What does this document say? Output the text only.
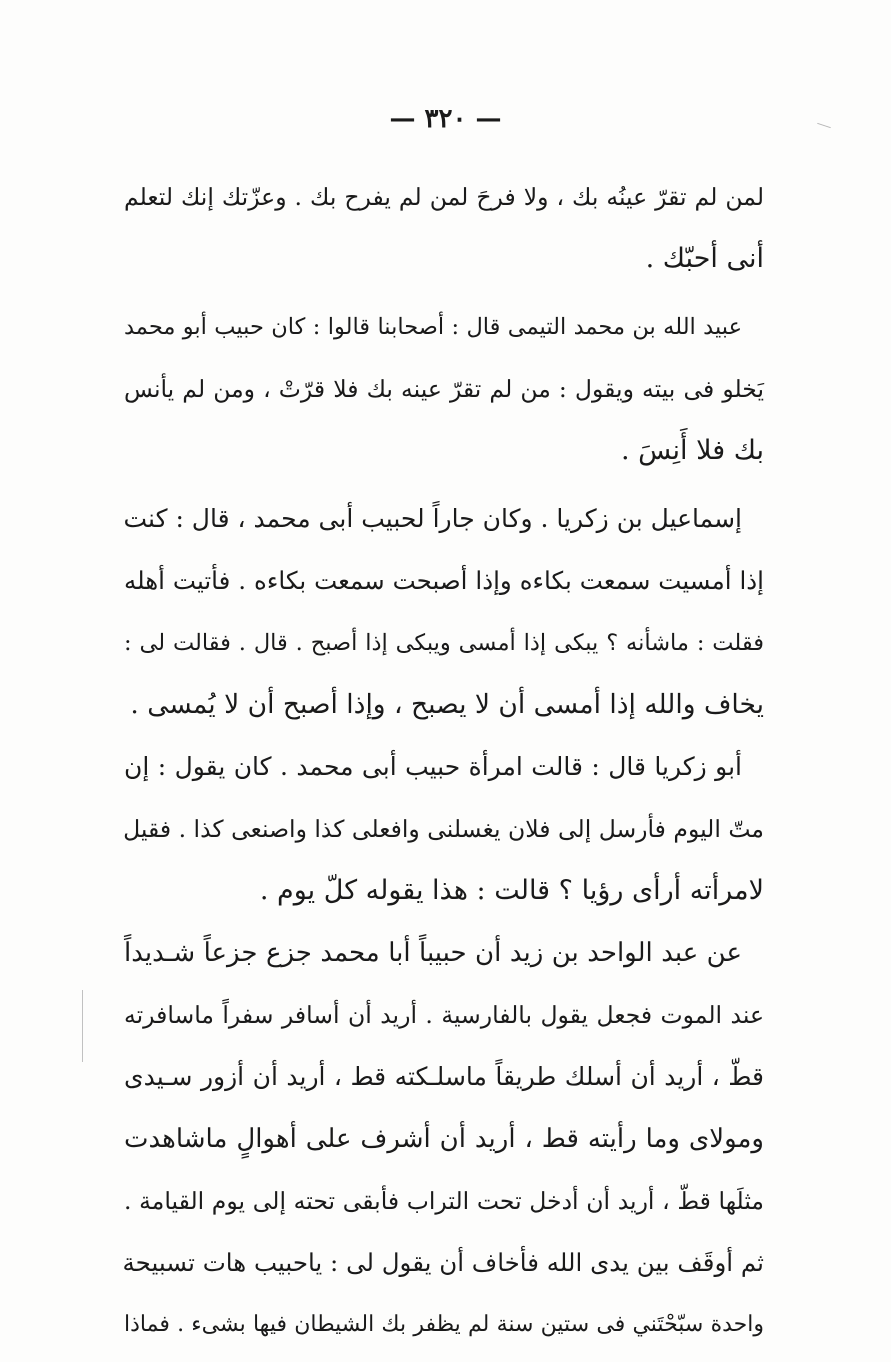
— ٣٢٠ —

لمن لم تقرّ عينُه بك ، ولا فرحَ لمن لم يفرح بك . وعزّتك إنك لتعلم
أنى أحبّك .

عبيد الله بن محمد التيمى قال : أصحابنا قالوا : كان حبيب أبو محمد
يَخلو فى بيته ويقول : من لم تقرّ عينه بك فلا قرّتْ ، ومن لم يأنس
بك فلا أَنِسَ .

إسماعيل بن زكريا . وكان جاراً لحبيب أبى محمد ، قال : كنت
إذا أمسيت سمعت بكاءه وإذا أصبحت سمعت بكاءه . فأتيت أهله
فقلت : ماشأنه ؟ يبكى إذا أمسى ويبكى إذا أصبح . قال . فقالت لى :
يخاف والله إذا أمسى أن لا يصبح ، وإذا أصبح أن لا يُمسى .

أبو زكريا قال : قالت امرأة حبيب أبى محمد . كان يقول : إن
متّ اليوم فأرسل إلى فلان يغسلنى وافعلى كذا واصنعى كذا . فقيل
لامرأته أرأى رؤيا ؟ قالت : هذا يقوله كلّ يوم .

عن عبد الواحد بن زيد أن حبيباً أبا محمد جزع جزعاً شـديداً
عند الموت فجعل يقول بالفارسية . أريد أن أسافر سفراً ماسافرته
قطّ ، أريد أن أسلك طريقاً ماسلـكته قط ، أريد أن أزور سـيدى
ومولاى وما رأيته قط ، أريد أن أشرف على أهوالٍ ماشاهدت
مثلَها قطّ ، أريد أن أدخل تحت التراب فأبقى تحته إلى يوم القيامة .
ثم أوقَف بين يدى الله فأخاف أن يقول لى : ياحبيب هات تسبيحة
واحدة سبّحْتَني فى ستين سنة لم يظفر بك الشيطان فيها بشىء . فماذا
